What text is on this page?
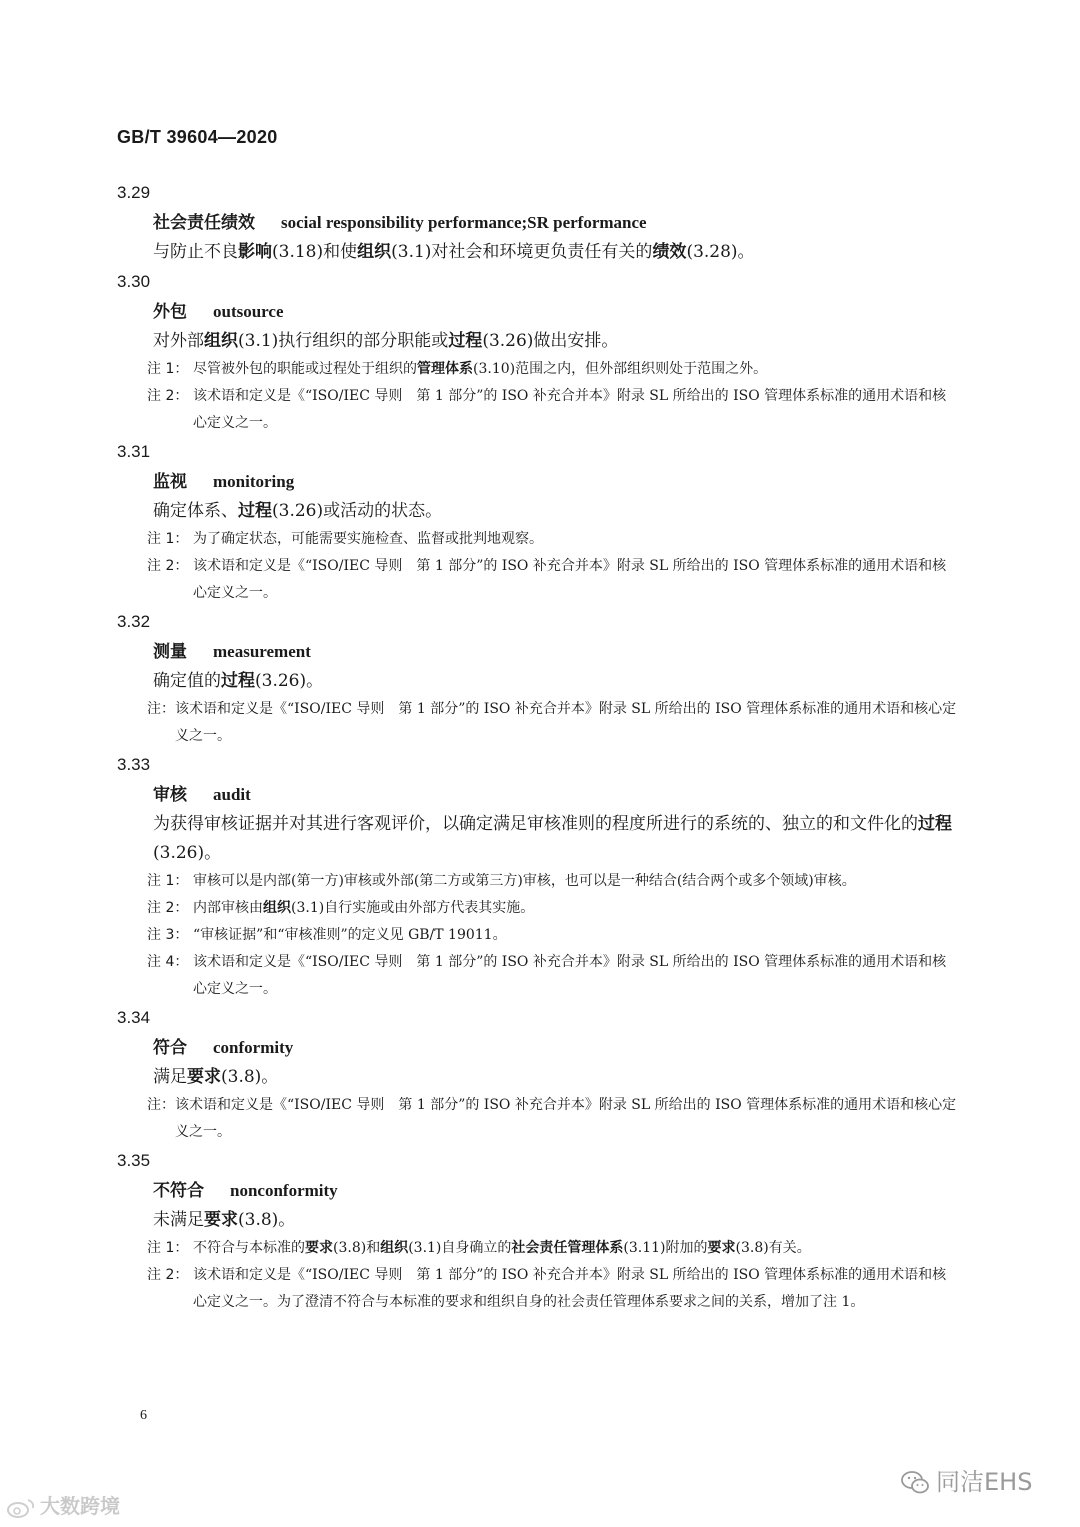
GB/T 39604—2020
3.29
社会责任绩效 social responsibility performance;SR performance
与防止不良影响(3.18)和使组织(3.1)对社会和环境更负责任有关的绩效(3.28)。
3.30
外包 outsource
对外部组织(3.1)执行组织的部分职能或过程(3.26)做出安排。
注 1： 尽管被外包的职能或过程处于组织的管理体系(3.10)范围之内，但外部组织则处于范围之外。
注 2： 该术语和定义是《“ISO/IEC 导则　第 1 部分”的 ISO 补充合并本》附录 SL 所给出的 ISO 管理体系标准的通用术语和核心定义之一。
3.31
监视 monitoring
确定体系、过程(3.26)或活动的状态。
注 1： 为了确定状态，可能需要实施检查、监督或批判地观察。
注 2： 该术语和定义是《“ISO/IEC 导则　第 1 部分”的 ISO 补充合并本》附录 SL 所给出的 ISO 管理体系标准的通用术语和核心定义之一。
3.32
测量 measurement
确定值的过程(3.26)。
注： 该术语和定义是《“ISO/IEC 导则　第 1 部分”的 ISO 补充合并本》附录 SL 所给出的 ISO 管理体系标准的通用术语和核心定义之一。
3.33
审核 audit
为获得审核证据并对其进行客观评价，以确定满足审核准则的程度所进行的系统的、独立的和文件化的过程(3.26)。
注 1： 审核可以是内部(第一方)审核或外部(第二方或第三方)审核，也可以是一种结合(结合两个或多个领域)审核。
注 2： 内部审核由组织(3.1)自行实施或由外部方代表其实施。
注 3： “审核证据”和“审核准则”的定义见 GB/T 19011。
注 4： 该术语和定义是《“ISO/IEC 导则　第 1 部分”的 ISO 补充合并本》附录 SL 所给出的 ISO 管理体系标准的通用术语和核心定义之一。
3.34
符合 conformity
满足要求(3.8)。
注： 该术语和定义是《“ISO/IEC 导则　第 1 部分”的 ISO 补充合并本》附录 SL 所给出的 ISO 管理体系标准的通用术语和核心定义之一。
3.35
不符合 nonconformity
未满足要求(3.8)。
注 1： 不符合与本标准的要求(3.8)和组织(3.1)自身确立的社会责任管理体系(3.11)附加的要求(3.8)有关。
注 2： 该术语和定义是《“ISO/IEC 导则　第 1 部分”的 ISO 补充合并本》附录 SL 所给出的 ISO 管理体系标准的通用术语和核心定义之一。为了澄清不符合与本标准的要求和组织自身的社会责任管理体系要求之间的关系，增加了注 1。
6
大数跨境
同洁EHS
